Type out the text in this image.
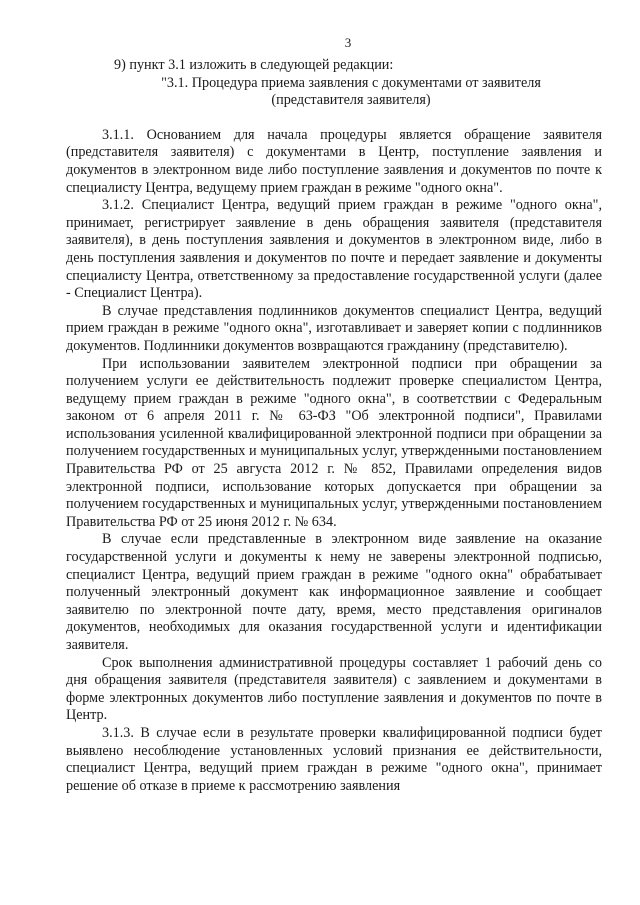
3

9) пункт 3.1 изложить в следующей редакции:

"3.1. Процедура приема заявления с документами от заявителя
(представителя заявителя)

3.1.1. Основанием для начала процедуры является обращение заявителя (представителя заявителя) с документами в Центр, поступление заявления и документов в электронном виде либо поступление заявления и документов по почте к специалисту Центра, ведущему прием граждан в режиме "одного окна".

3.1.2. Специалист Центра, ведущий прием граждан в режиме "одного окна", принимает, регистрирует заявление в день обращения заявителя (представителя заявителя), в день поступления заявления и документов в электронном виде, либо в день поступления заявления и документов по почте и передает заявление и документы специалисту Центра, ответственному за предоставление государственной услуги (далее - Специалист Центра).

В случае представления подлинников документов специалист Центра, ведущий прием граждан в режиме "одного окна", изготавливает и заверяет копии с подлинников документов. Подлинники документов возвращаются гражданину (представителю).

При использовании заявителем электронной подписи при обращении за получением услуги ее действительность подлежит проверке специалистом Центра, ведущему прием граждан в режиме "одного окна", в соответствии с Федеральным законом от 6 апреля 2011 г. № 63-ФЗ "Об электронной подписи", Правилами использования усиленной квалифицированной электронной подписи при обращении за получением государственных и муниципальных услуг, утвержденными постановлением Правительства РФ от 25 августа 2012 г. № 852, Правилами определения видов электронной подписи, использование которых допускается при обращении за получением государственных и муниципальных услуг, утвержденными постановлением Правительства РФ от 25 июня 2012 г. № 634.

В случае если представленные в электронном виде заявление на оказание государственной услуги и документы к нему не заверены электронной подписью, специалист Центра, ведущий прием граждан в режиме "одного окна" обрабатывает полученный электронный документ как информационное заявление и сообщает заявителю по электронной почте дату, время, место представления оригиналов документов, необходимых для оказания государственной услуги и идентификации заявителя.

Срок выполнения административной процедуры составляет 1 рабочий день со дня обращения заявителя (представителя заявителя) с заявлением и документами в форме электронных документов либо поступление заявления и документов по почте в Центр.

3.1.3. В случае если в результате проверки квалифицированной подписи будет выявлено несоблюдение установленных условий признания ее действительности, специалист Центра, ведущий прием граждан в режиме "одного окна", принимает решение об отказе в приеме к рассмотрению заявления
